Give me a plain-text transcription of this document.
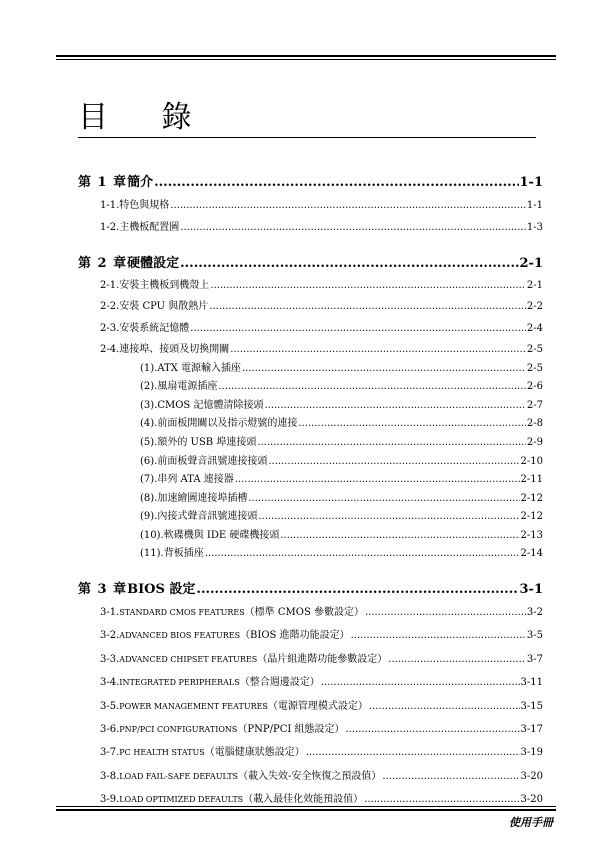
目 錄
第 1 章 簡介 .....	1-1
1-1. 特色與規格 .....	1-1
1-2. 主機板配置圖 .....	1-3
第 2 章 硬體設定 .....	2-1
2-1. 安裝主機板到機殼上 .....	2-1
2-2. 安裝 CPU 與散熱片 .....	2-2
2-3. 安裝系統記憶體 .....	2-4
2-4. 連接埠、接頭及切換開關 .....	2-5
(1). ATX 電源輸入插座 .....	2-5
(2). 風扇電源插座 .....	2-6
(3). CMOS 記憶體清除接頭 .....	2-7
(4). 前面板開關以及指示燈號的連接 .....	2-8
(5). 額外的 USB 埠連接頭 .....	2-9
(6). 前面板聲音訊號連接接頭 .....	2-10
(7). 串列 ATA 連接器 .....	2-11
(8). 加速繪圖連接埠插槽 .....	2-12
(9). 內接式聲音訊號連接頭 .....	2-12
(10). 軟碟機與 IDE 硬碟機接頭 .....	2-13
(11). 背板插座 .....	2-14
第 3 章 BIOS 設定 .....	3-1
3-1. STANDARD CMOS FEATURES（標準 CMOS 參數設定） .....	3-2
3-2. ADVANCED BIOS FEATURES（BIOS 進階功能設定） .....	3-5
3-3. ADVANCED CHIPSET FEATURES（晶片組進階功能參數設定） .....	3-7
3-4. INTEGRATED PERIPHERALS（整合週邊設定） .....	3-11
3-5. POWER MANAGEMENT FEATURES（電源管理模式設定） .....	3-15
3-6. PNP/PCI CONFIGURATIONS（PNP/PCI 組態設定） .....	3-17
3-7. PC HEALTH STATUS（電腦健康狀態設定） .....	3-19
3-8. LOAD FAIL-SAFE DEFAULTS（載入失效-安全恢復之預設值） .....	3-20
3-9. LOAD OPTIMIZED DEFAULTS（載入最佳化效能預設值） .....	3-20
使用手冊
